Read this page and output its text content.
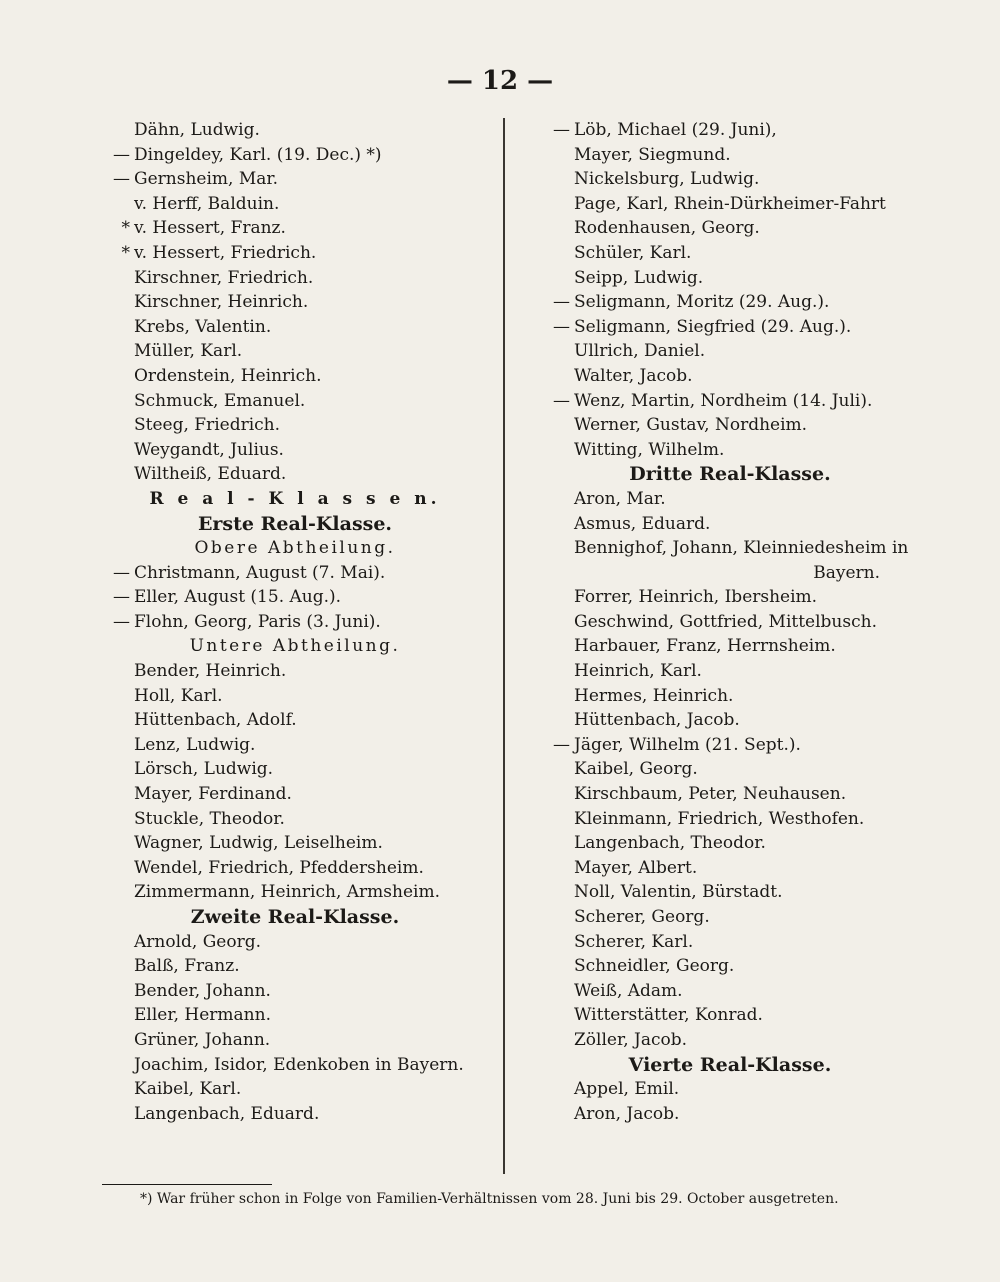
— 12 —
Dähn, Ludwig.
— Dingeldey, Karl. (19. Dec.) *)
— Gernsheim, Mar.
v. Herff, Balduin.
* v. Hessert, Franz.
* v. Hessert, Friedrich.
Kirschner, Friedrich.
Kirschner, Heinrich.
Krebs, Valentin.
Müller, Karl.
Ordenstein, Heinrich.
Schmuck, Emanuel.
Steeg, Friedrich.
Weygandt, Julius.
Wiltheiß, Eduard.
R e a l - K l a s s e n.
Erste Real-Klasse.
Obere Abtheilung.
— Christmann, August (7. Mai).
— Eller, August (15. Aug.).
— Flohn, Georg, Paris (3. Juni).
Untere Abtheilung.
Bender, Heinrich.
Holl, Karl.
Hüttenbach, Adolf.
Lenz, Ludwig.
Lörsch, Ludwig.
Mayer, Ferdinand.
Stuckle, Theodor.
Wagner, Ludwig, Leiselheim.
Wendel, Friedrich, Pfeddersheim.
Zimmermann, Heinrich, Armsheim.
Zweite Real-Klasse.
Arnold, Georg.
Balß, Franz.
Bender, Johann.
Eller, Hermann.
Grüner, Johann.
Joachim, Isidor, Edenkoben in Bayern.
Kaibel, Karl.
Langenbach, Eduard.
— Löb, Michael (29. Juni),
Mayer, Siegmund.
Nickelsburg, Ludwig.
Page, Karl, Rhein-Dürkheimer-Fahrt
Rodenhausen, Georg.
Schüler, Karl.
Seipp, Ludwig.
— Seligmann, Moritz (29. Aug.).
— Seligmann, Siegfried (29. Aug.).
Ullrich, Daniel.
Walter, Jacob.
— Wenz, Martin, Nordheim (14. Juli).
Werner, Gustav, Nordheim.
Witting, Wilhelm.
Dritte Real-Klasse.
Aron, Mar.
Asmus, Eduard.
Bennighof, Johann, Kleinniedesheim in
Bayern.
Forrer, Heinrich, Ibersheim.
Geschwind, Gottfried, Mittelbusch.
Harbauer, Franz, Herrnsheim.
Heinrich, Karl.
Hermes, Heinrich.
Hüttenbach, Jacob.
— Jäger, Wilhelm (21. Sept.).
Kaibel, Georg.
Kirschbaum, Peter, Neuhausen.
Kleinmann, Friedrich, Westhofen.
Langenbach, Theodor.
Mayer, Albert.
Noll, Valentin, Bürstadt.
Scherer, Georg.
Scherer, Karl.
Schneidler, Georg.
Weiß, Adam.
Witterstätter, Konrad.
Zöller, Jacob.
Vierte Real-Klasse.
Appel, Emil.
Aron, Jacob.
*) War früher schon in Folge von Familien-Verhältnissen vom 28. Juni bis 29. October ausgetreten.
